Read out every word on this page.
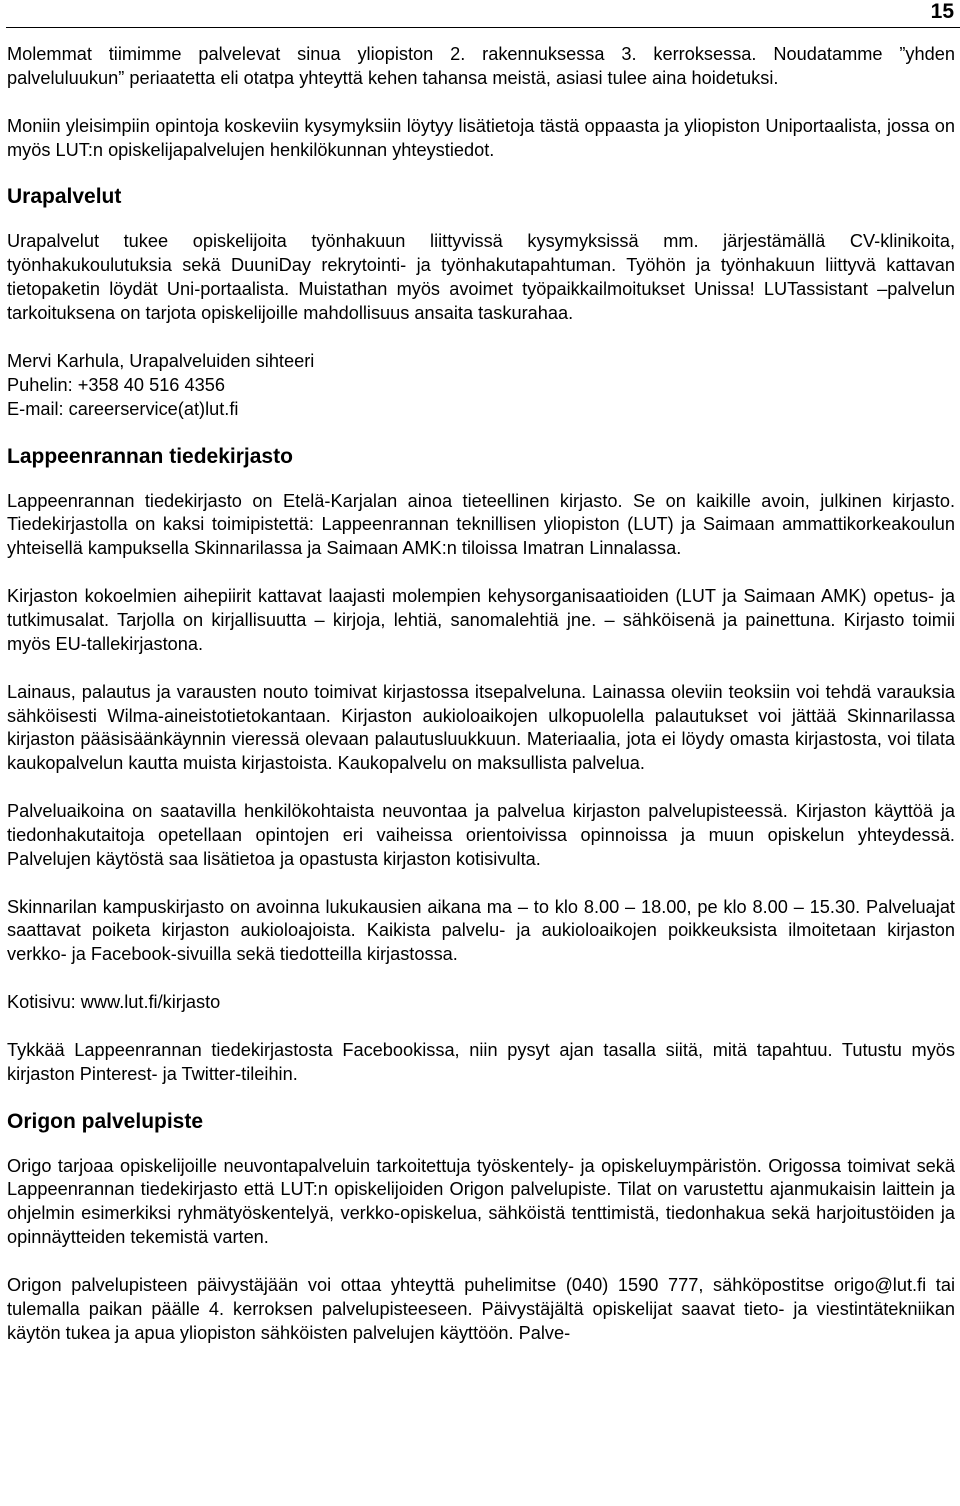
15

Molemmat tiimimme palvelevat sinua yliopiston 2. rakennuksessa 3. kerroksessa. Noudatamme ”yhden palveluluukun” periaatetta eli otatpa yhteyttä kehen tahansa meistä, asiasi tulee aina hoidetuksi.

Moniin yleisimpiin opintoja koskeviin kysymyksiin löytyy lisätietoja tästä oppaasta ja yliopiston Uniportaalista, jossa on myös LUT:n opiskelijapalvelujen henkilökunnan yhteystiedot.

Urapalvelut

Urapalvelut tukee opiskelijoita työnhakuun liittyvissä kysymyksissä mm. järjestämällä CV-klinikoita, työnhakukoulutuksia sekä DuuniDay rekrytointi- ja työnhakutapahtuman. Työhön ja työnhakuun liittyvä kattavan tietopaketin löydät Uni-portaalista. Muistathan myös avoimet työpaikkailmoitukset Unissa! LUTassistant –palvelun tarkoituksena on tarjota opiskelijoille mahdollisuus ansaita taskurahaa.

Mervi Karhula, Urapalveluiden sihteeri

Puhelin: +358 40 516 4356

E-mail: careerservice(at)lut.fi

Lappeenrannan tiedekirjasto

Lappeenrannan tiedekirjasto on Etelä-Karjalan ainoa tieteellinen kirjasto. Se on kaikille avoin, julkinen kirjasto. Tiedekirjastolla on kaksi toimipistettä: Lappeenrannan teknillisen yliopiston (LUT) ja Saimaan ammattikorkeakoulun yhteisellä kampuksella Skinnarilassa ja Saimaan AMK:n tiloissa Imatran Linnalassa.

Kirjaston kokoelmien aihepiirit kattavat laajasti molempien kehysorganisaatioiden (LUT ja Saimaan AMK) opetus- ja tutkimusalat. Tarjolla on kirjallisuutta – kirjoja, lehtiä, sanomalehtiä jne. – sähköisenä ja painettuna. Kirjasto toimii myös EU-tallekirjastona.

Lainaus, palautus ja varausten nouto toimivat kirjastossa itsepalveluna. Lainassa oleviin teoksiin voi tehdä varauksia sähköisesti Wilma-aineistotietokantaan. Kirjaston aukioloaikojen ulkopuolella palautukset voi jättää Skinnarilassa kirjaston pääsisäänkäynnin vieressä olevaan palautusluukkuun. Materiaalia, jota ei löydy omasta kirjastosta, voi tilata kaukopalvelun kautta muista kirjastoista. Kaukopalvelu on maksullista palvelua.

Palveluaikoina on saatavilla henkilökohtaista neuvontaa ja palvelua kirjaston palvelupisteessä. Kirjaston käyttöä ja tiedonhakutaitoja opetellaan opintojen eri vaiheissa orientoivissa opinnoissa ja muun opiskelun yhteydessä. Palvelujen käytöstä saa lisätietoa ja opastusta kirjaston kotisivulta.

Skinnarilan kampuskirjasto on avoinna lukukausien aikana ma – to klo 8.00 – 18.00, pe klo 8.00 – 15.30. Palveluajat saattavat poiketa kirjaston aukioloajoista. Kaikista palvelu- ja aukioloaikojen poikkeuksista ilmoitetaan kirjaston verkko- ja Facebook-sivuilla sekä tiedotteilla kirjastossa.

Kotisivu: www.lut.fi/kirjasto

Tykkää Lappeenrannan tiedekirjastosta Facebookissa, niin pysyt ajan tasalla siitä, mitä tapahtuu. Tutustu myös kirjaston Pinterest- ja Twitter-tileihin.

Origon palvelupiste

Origo tarjoaa opiskelijoille neuvontapalveluin tarkoitettuja työskentely- ja opiskeluympäristön. Origossa toimivat sekä Lappeenrannan tiedekirjasto että LUT:n opiskelijoiden Origon palvelupiste. Tilat on varustettu ajanmukaisin laittein ja ohjelmin esimerkiksi ryhmätyöskentelyä, verkko-opiskelua, sähköistä tenttimistä, tiedonhakua sekä harjoitustöiden ja opinnäytteiden tekemistä varten.

Origon palvelupisteen päivystäjään voi ottaa yhteyttä puhelimitse (040) 1590 777, sähköpostitse origo@lut.fi tai tulemalla paikan päälle 4. kerroksen palvelupisteeseen. Päivystäjältä opiskelijat saavat tieto- ja viestintätekniikan käytön tukea ja apua yliopiston sähköisten palvelujen käyttöön. Palve-
